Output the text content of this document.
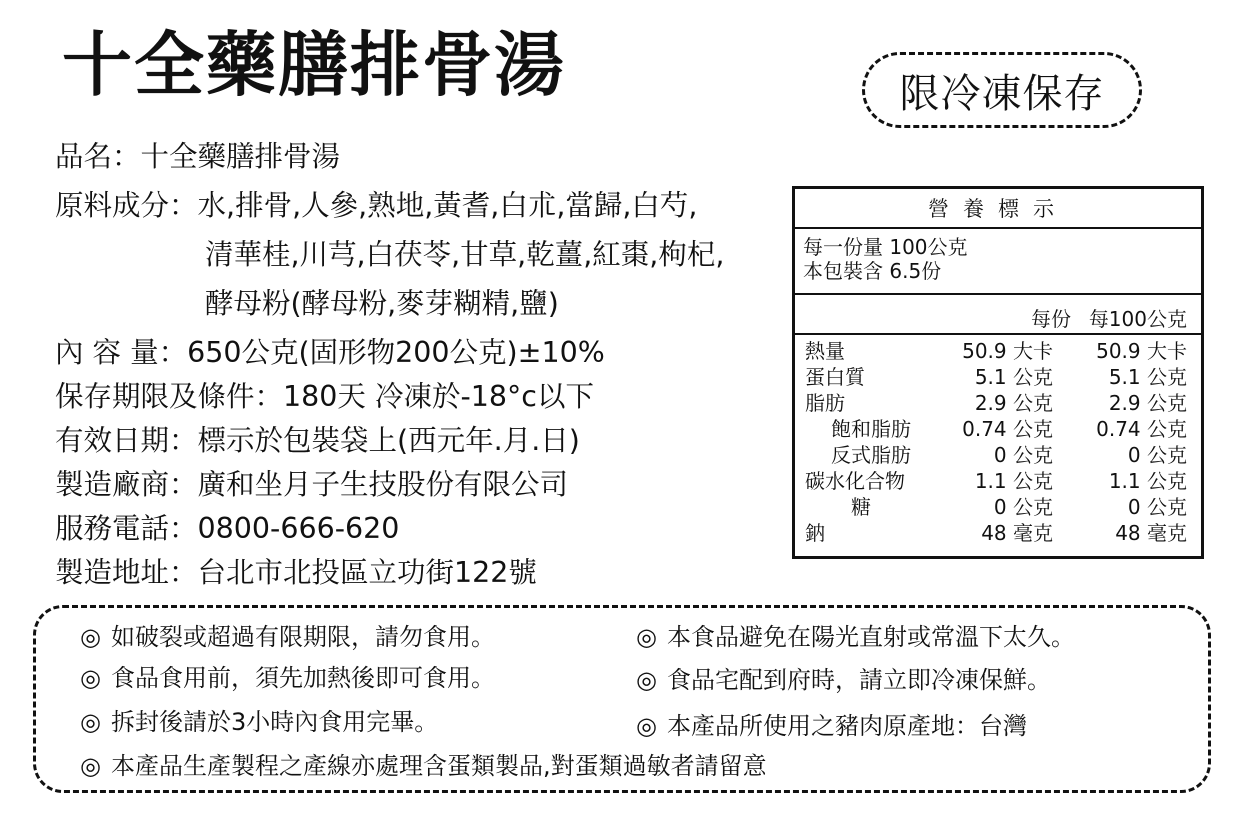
十全藥膳排骨湯	限冷凍保存
品名：十全藥膳排骨湯
原料成分：水,排骨,人參,熟地,黃耆,白朮,當歸,白芍,
清華桂,川芎,白茯苓,甘草,乾薑,紅棗,枸杞,
酵母粉(酵母粉,麥芽糊精,鹽)
內 容 量：650公克(固形物200公克)±10%
保存期限及條件：180天 冷凍於-18°c以下
有效日期：標示於包裝袋上(西元年.月.日)
製造廠商：廣和坐月子生技股份有限公司
服務電話：0800-666-620
製造地址：台北市北投區立功街122號
營養標示
每一份量 100公克
本包裝含 6.5份
每份 每100公克
熱量	50.9 大卡 50.9 大卡
蛋白質	5.1 公克	5.1 公克
脂肪	2.9 公克	2.9 公克
飽和脂肪	0.74 公克 0.74 公克
反式脂肪	0 公克	0 公克
碳水化合物	1.1 公克	1.1 公克
糖	0 公克	0 公克
鈉	48 毫克	48 毫克
◎ 如破裂或超過有限期限，請勿食用。	◎ 本食品避免在陽光直射或常溫下太久。
◎ 食品食用前，須先加熱後即可食用。	◎ 食品宅配到府時，請立即冷凍保鮮。
◎ 拆封後請於3小時內食用完畢。	◎ 本產品所使用之豬肉原產地：台灣
◎ 本產品生產製程之產線亦處理含蛋類製品,對蛋類過敏者請留意
